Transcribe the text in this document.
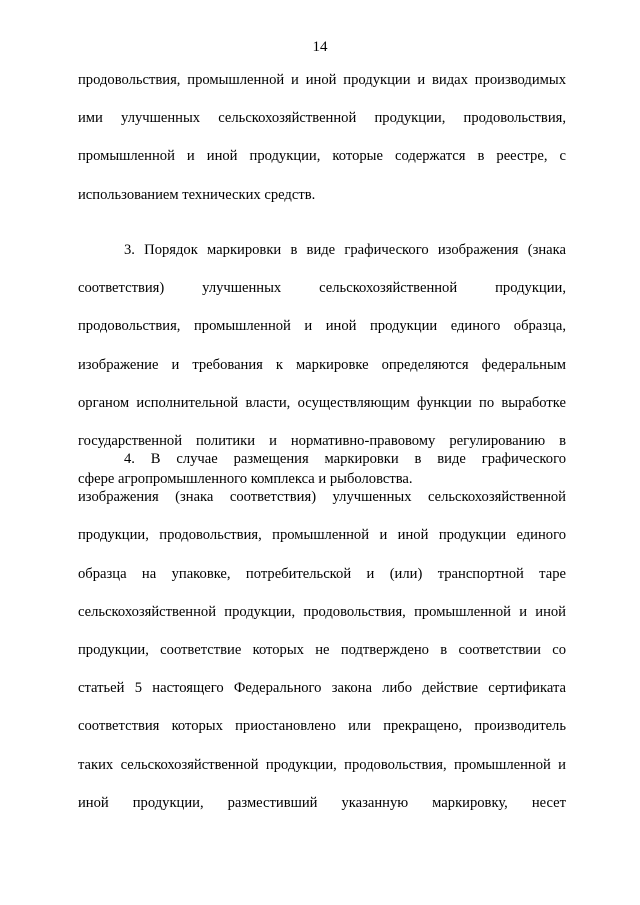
14
продовольствия, промышленной и иной продукции и видах производимых
ими улучшенных сельскохозяйственной продукции, продовольствия,
промышленной и иной продукции, которые содержатся в реестре, с
использованием технических средств.
3. Порядок маркировки в виде графического изображения (знака
соответствия) улучшенных сельскохозяйственной продукции,
продовольствия, промышленной и иной продукции единого образца,
изображение и требования к маркировке определяются федеральным
органом исполнительной власти, осуществляющим функции по выработке
государственной политики и нормативно-правовому регулированию в
сфере агропромышленного комплекса и рыболовства.
4. В случае размещения маркировки в виде графического
изображения (знака соответствия) улучшенных сельскохозяйственной
продукции, продовольствия, промышленной и иной продукции единого
образца на упаковке, потребительской и (или) транспортной таре
сельскохозяйственной продукции, продовольствия, промышленной и иной
продукции, соответствие которых не подтверждено в соответствии со
статьей 5 настоящего Федерального закона либо действие сертификата
соответствия которых приостановлено или прекращено, производитель
таких сельскохозяйственной продукции, продовольствия, промышленной и
иной продукции, разместивший указанную маркировку, несет
